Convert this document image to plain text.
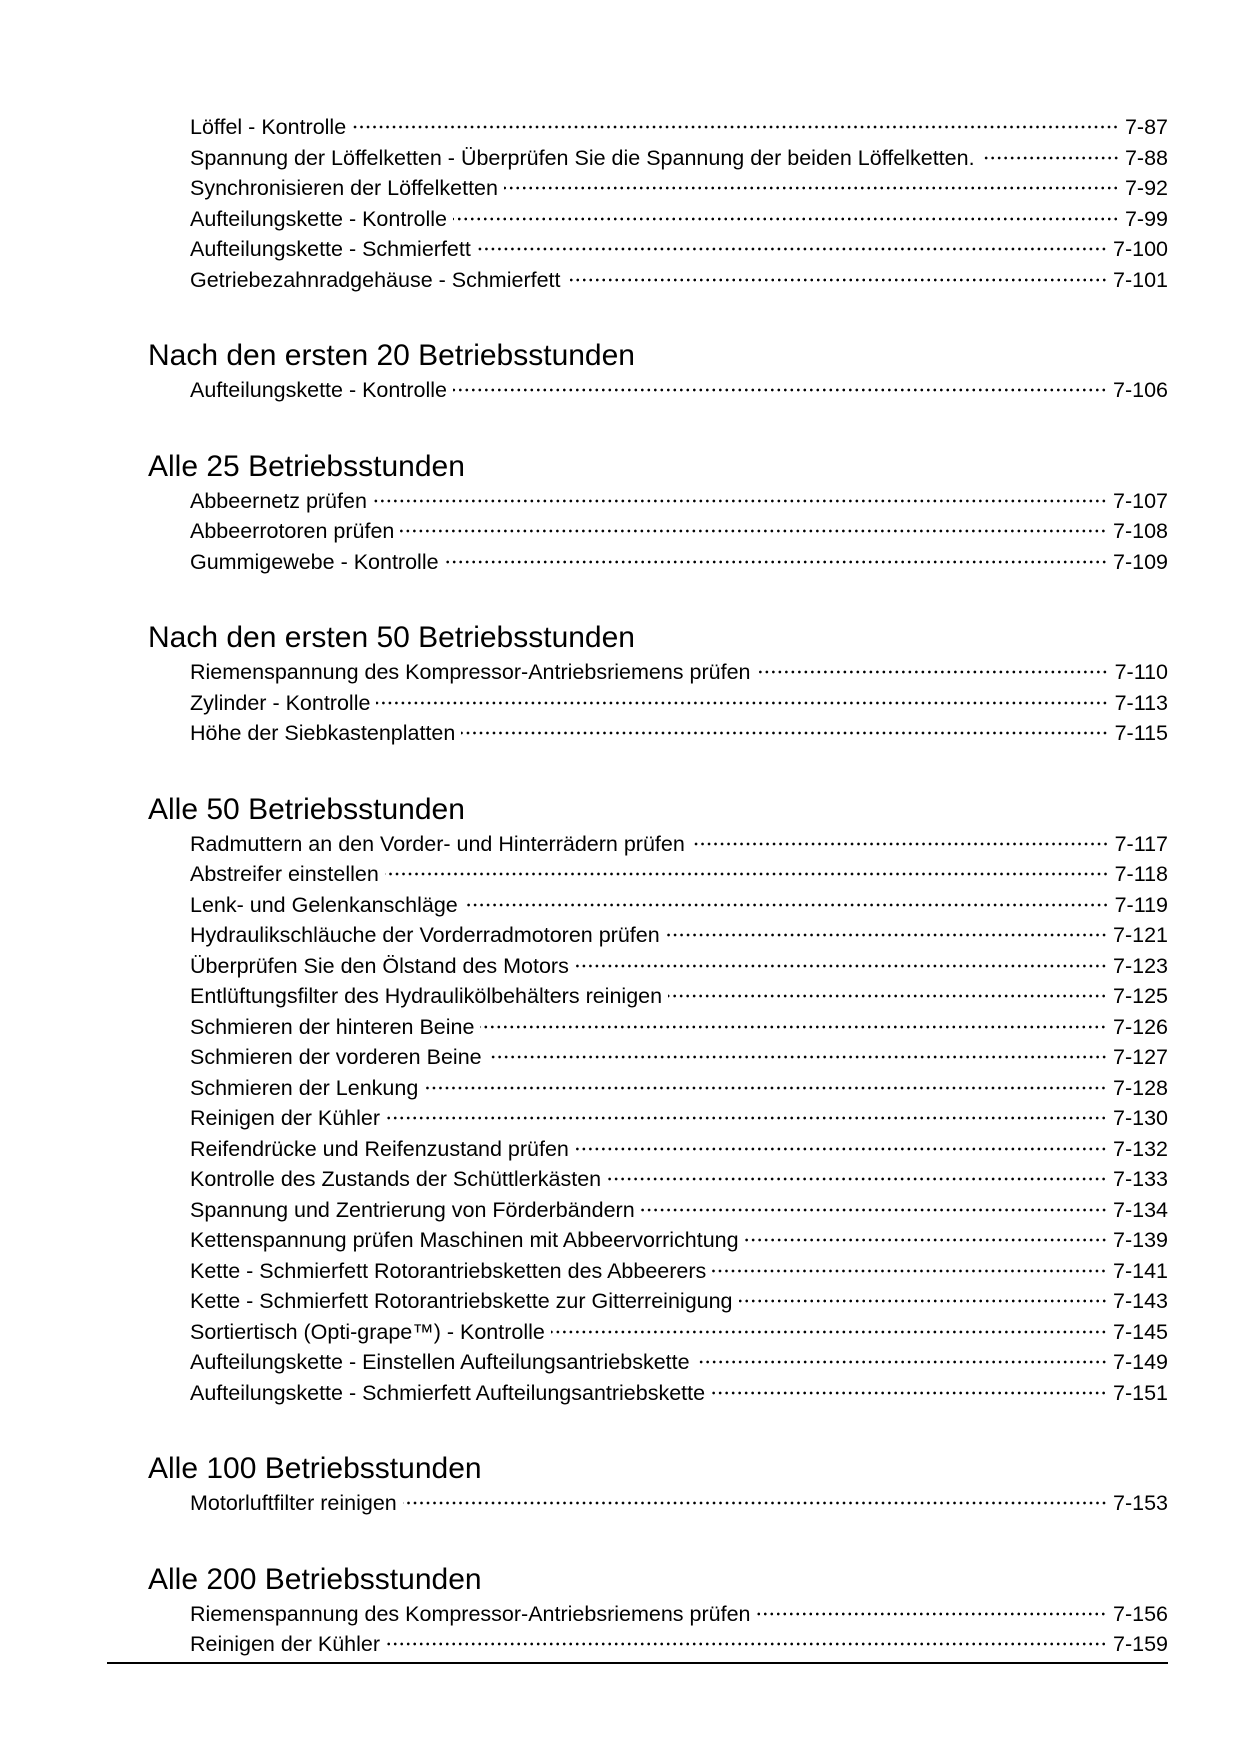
Löffel - Kontrolle	7-87
Spannung der Löffelketten - Überprüfen Sie die Spannung der beiden Löffelketten.	7-88
Synchronisieren der Löffelketten	7-92
Aufteilungskette - Kontrolle	7-99
Aufteilungskette - Schmierfett	7-100
Getriebezahnradgehäuse - Schmierfett	7-101
Nach den ersten 20 Betriebsstunden
Aufteilungskette - Kontrolle	7-106
Alle 25 Betriebsstunden
Abbeernetz prüfen	7-107
Abbeerrotoren prüfen	7-108
Gummigewebe - Kontrolle	7-109
Nach den ersten 50 Betriebsstunden
Riemenspannung des Kompressor-Antriebsriemens prüfen	7-110
Zylinder - Kontrolle	7-113
Höhe der Siebkastenplatten	7-115
Alle 50 Betriebsstunden
Radmuttern an den Vorder- und Hinterrädern prüfen	7-117
Abstreifer einstellen	7-118
Lenk- und Gelenkanschläge	7-119
Hydraulikschläuche der Vorderradmotoren prüfen	7-121
Überprüfen Sie den Ölstand des Motors	7-123
Entlüftungsfilter des Hydraulikölbehälters reinigen	7-125
Schmieren der hinteren Beine	7-126
Schmieren der vorderen Beine	7-127
Schmieren der Lenkung	7-128
Reinigen der Kühler	7-130
Reifendrücke und Reifenzustand prüfen	7-132
Kontrolle des Zustands der Schüttlerkästen	7-133
Spannung und Zentrierung von Förderbändern	7-134
Kettenspannung prüfen Maschinen mit Abbeervorrichtung	7-139
Kette - Schmierfett Rotorantriebsketten des Abbeerers	7-141
Kette - Schmierfett Rotorantriebskette zur Gitterreinigung	7-143
Sortiertisch (Opti-grape™) - Kontrolle	7-145
Aufteilungskette - Einstellen Aufteilungsantriebskette	7-149
Aufteilungskette - Schmierfett Aufteilungsantriebskette	7-151
Alle 100 Betriebsstunden
Motorluftfilter reinigen	7-153
Alle 200 Betriebsstunden
Riemenspannung des Kompressor-Antriebsriemens prüfen	7-156
Reinigen der Kühler	7-159
